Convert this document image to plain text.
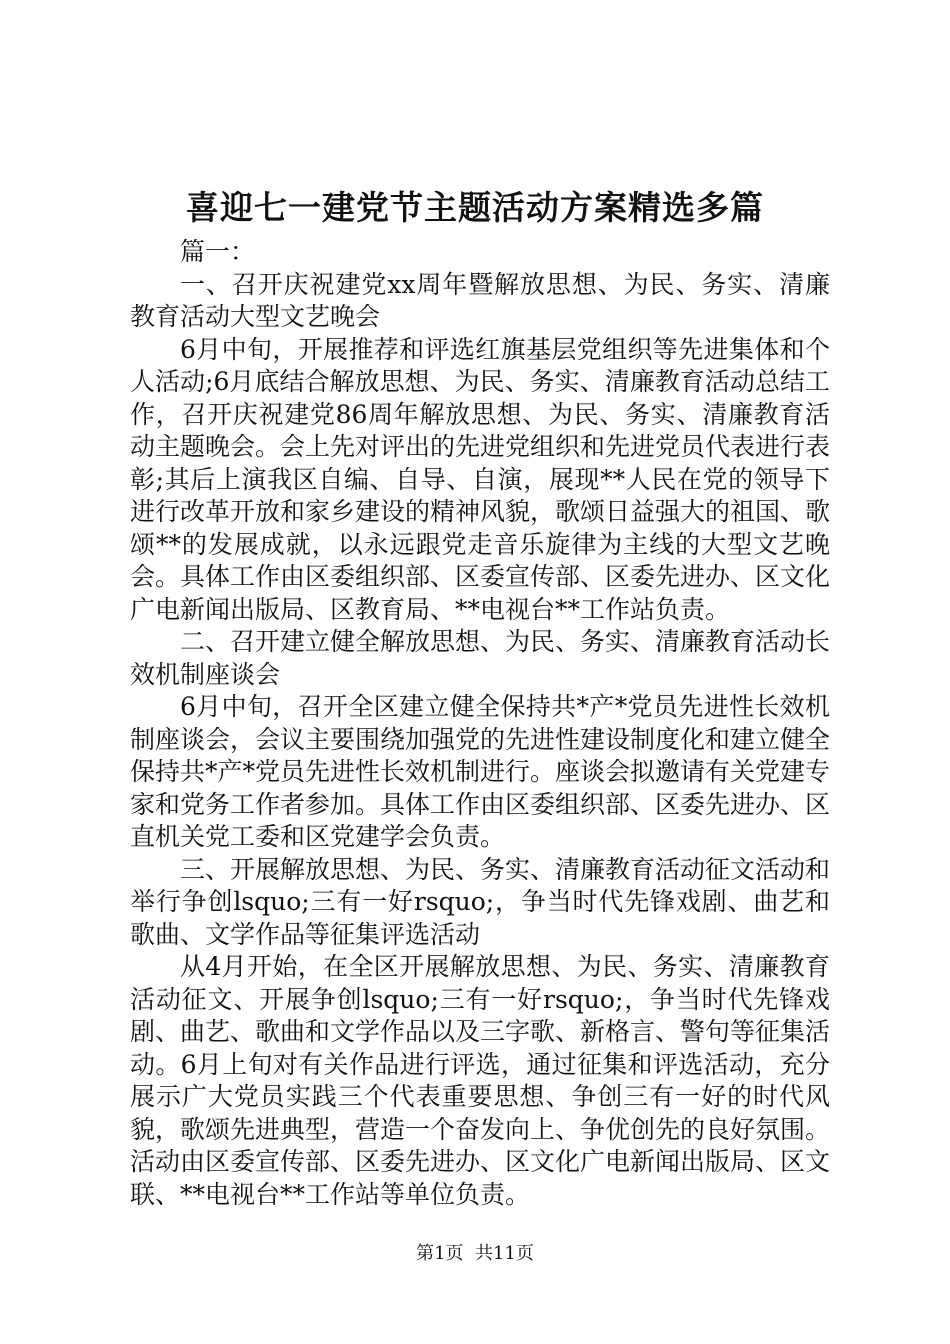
喜迎七一建党节主题活动方案精选多篇

篇一：

一、召开庆祝建党xx周年暨解放思想、为民、务实、清廉教育活动大型文艺晚会

6月中旬，开展推荐和评选红旗基层党组织等先进集体和个人活动;6月底结合解放思想、为民、务实、清廉教育活动总结工作，召开庆祝建党86周年解放思想、为民、务实、清廉教育活动主题晚会。会上先对评出的先进党组织和先进党员代表进行表彰;其后上演我区自编、自导、自演，展现**人民在党的领导下进行改革开放和家乡建设的精神风貌，歌颂日益强大的祖国、歌颂**的发展成就，以永远跟党走音乐旋律为主线的大型文艺晚会。具体工作由区委组织部、区委宣传部、区委先进办、区文化广电新闻出版局、区教育局、**电视台**工作站负责。

二、召开建立健全解放思想、为民、务实、清廉教育活动长效机制座谈会

6月中旬，召开全区建立健全保持共*产*党员先进性长效机制座谈会，会议主要围绕加强党的先进性建设制度化和建立健全保持共*产*党员先进性长效机制进行。座谈会拟邀请有关党建专家和党务工作者参加。具体工作由区委组织部、区委先进办、区直机关党工委和区党建学会负责。

三、开展解放思想、为民、务实、清廉教育活动征文活动和举行争创lsquo;三有一好rsquo;，争当时代先锋戏剧、曲艺和歌曲、文学作品等征集评选活动

从4月开始，在全区开展解放思想、为民、务实、清廉教育活动征文、开展争创lsquo;三有一好rsquo;，争当时代先锋戏剧、曲艺、歌曲和文学作品以及三字歌、新格言、警句等征集活动。6月上旬对有关作品进行评选，通过征集和评选活动，充分展示广大党员实践三个代表重要思想、争创三有一好的时代风貌，歌颂先进典型，营造一个奋发向上、争优创先的良好氛围。活动由区委宣传部、区委先进办、区文化广电新闻出版局、区文联、**电视台**工作站等单位负责。

第1页 共11页
